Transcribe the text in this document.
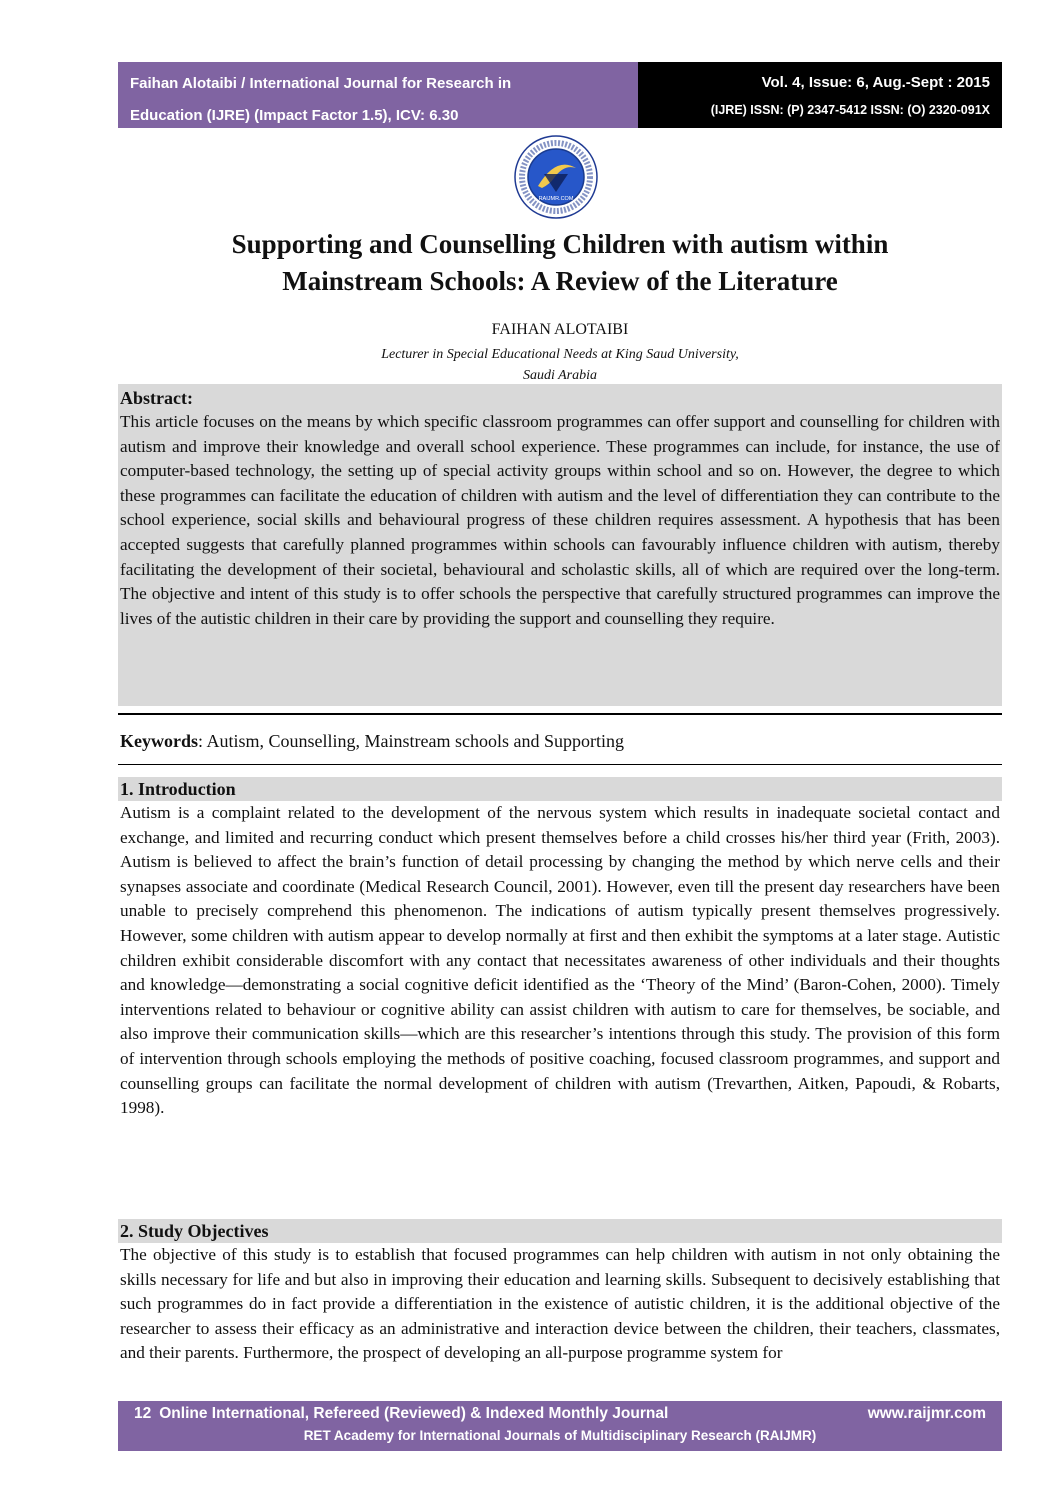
Faihan Alotaibi / International Journal for Research in
Education (IJRE) (Impact Factor 1.5), ICV: 6.30
Vol. 4, Issue: 6, Aug.-Sept : 2015
(IJRE) ISSN: (P) 2347-5412 ISSN: (O) 2320-091X
RAIJMR.COM
Supporting and Counselling Children with autism within
Mainstream Schools: A Review of the Literature
FAIHAN ALOTAIBI
Lecturer in Special Educational Needs at King Saud University,
Saudi Arabia
Abstract:
This article focuses on the means by which specific classroom programmes can offer support and counselling for children with autism and improve their knowledge and overall school experience. These programmes can include, for instance, the use of computer-based technology, the setting up of special activity groups within school and so on. However, the degree to which these programmes can facilitate the education of children with autism and the level of differentiation they can contribute to the school experience, social skills and behavioural progress of these children requires assessment. A hypothesis that has been accepted suggests that carefully planned programmes within schools can favourably influence children with autism, thereby facilitating the development of their societal, behavioural and scholastic skills, all of which are required over the long-term. The objective and intent of this study is to offer schools the perspective that carefully structured programmes can improve the lives of the autistic children in their care by providing the support and counselling they require.
Keywords: Autism, Counselling, Mainstream schools and Supporting
1. Introduction
Autism is a complaint related to the development of the nervous system which results in inadequate societal contact and exchange, and limited and recurring conduct which present themselves before a child crosses his/her third year (Frith, 2003). Autism is believed to affect the brain’s function of detail processing by changing the method by which nerve cells and their synapses associate and coordinate (Medical Research Council, 2001). However, even till the present day researchers have been unable to precisely comprehend this phenomenon. The indications of autism typically present themselves progressively. However, some children with autism appear to develop normally at first and then exhibit the symptoms at a later stage. Autistic children exhibit considerable discomfort with any contact that necessitates awareness of other individuals and their thoughts and knowledge—demonstrating a social cognitive deficit identified as the ‘Theory of the Mind’ (Baron-Cohen, 2000). Timely interventions related to behaviour or cognitive ability can assist children with autism to care for themselves, be sociable, and also improve their communication skills—which are this researcher’s intentions through this study. The provision of this form of intervention through schools employing the methods of positive coaching, focused classroom programmes, and support and counselling groups can facilitate the normal development of children with autism (Trevarthen, Aitken, Papoudi, & Robarts, 1998).
2. Study Objectives
The objective of this study is to establish that focused programmes can help children with autism in not only obtaining the skills necessary for life and but also in improving their education and learning skills. Subsequent to decisively establishing that such programmes do in fact provide a differentiation in the existence of autistic children, it is the additional objective of the researcher to assess their efficacy as an administrative and interaction device between the children, their teachers, classmates, and their parents. Furthermore, the prospect of developing an all-purpose programme system for
12 Online International, Refereed (Reviewed) & Indexed Monthly Journal	www.raijmr.com
RET Academy for International Journals of Multidisciplinary Research (RAIJMR)
